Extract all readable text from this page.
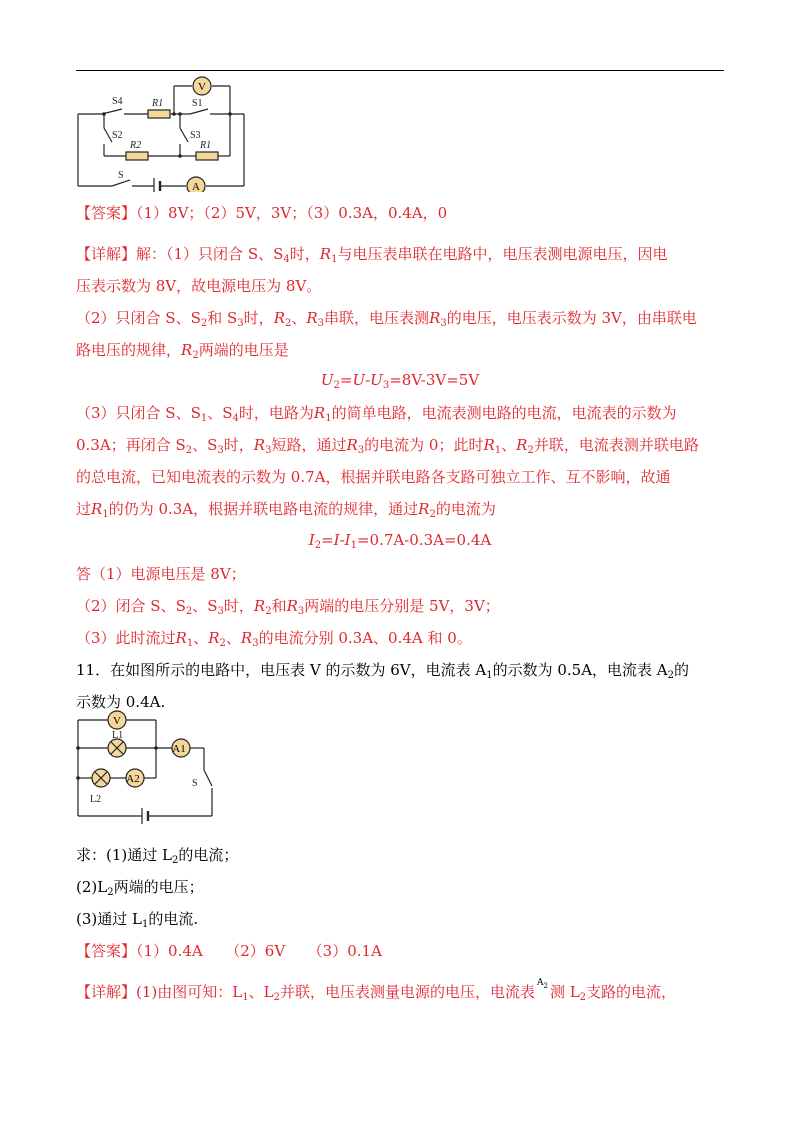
V
A
S4	R1	S1
S2	S3
R2	R1
S
【答案】（1）8V；（2）5V，3V；（3）0.3A，0.4A，0
【详解】解：（1）只闭合 S、$S_4$时，$R_1$与电压表串联在电路中，电压表测电源电压，因电
压表示数为 8V，故电源电压为 8V。
（2）只闭合 S、$S_2$和 $S_3$时，$R_2$、$R_3$串联，电压表测$R_3$的电压，电压表示数为 3V，由串联电
路电压的规律，$R_2$两端的电压是
$U_2=U-U_3=8V-3V=5V$
（3）只闭合 S、$S_1$、$S_4$时，电路为$R_1$的简单电路，电流表测电路的电流，电流表的示数为
0.3A；再闭合 $S_2$、$S_3$时，$R_3$短路，通过$R_3$的电流为 0；此时$R_1$、$R_2$并联，电流表测并联电路
的总电流，已知电流表的示数为 0.7A，根据并联电路各支路可独立工作、互不影响，故通
过$R_1$的仍为 0.3A，根据并联电路电流的规律，通过$R_2$的电流为
$I_2=I-I_1=0.7A-0.3A=0.4A$
答（1）电源电压是 8V；
（2）闭合 S、$S_2$、$S_3$时，$R_2$和$R_3$两端的电压分别是 5V，3V；
（3）此时流过$R_1$、$R_2$、$R_3$的电流分别 0.3A、0.4A 和 0。
11．在如图所示的电路中，电压表 V 的示数为 6V，电流表 $A_1$的示数为 0.5A，电流表 $A_2$的
示数为 0.4A.
V
A1
A2
L1
L2
S
求：(1)通过 $L_2$的电流；
$(2)L_2$两端的电压；
(3)通过 $L_1$的电流.
【答案】（1）0.4A　　（2）6V　　（3）0.1A
【详解】(1)由图可知：$L_1$、$L_2$并联，电压表测量电源的电压，电流表 $^{A_2}$ 测 $L_2$支路的电流，
